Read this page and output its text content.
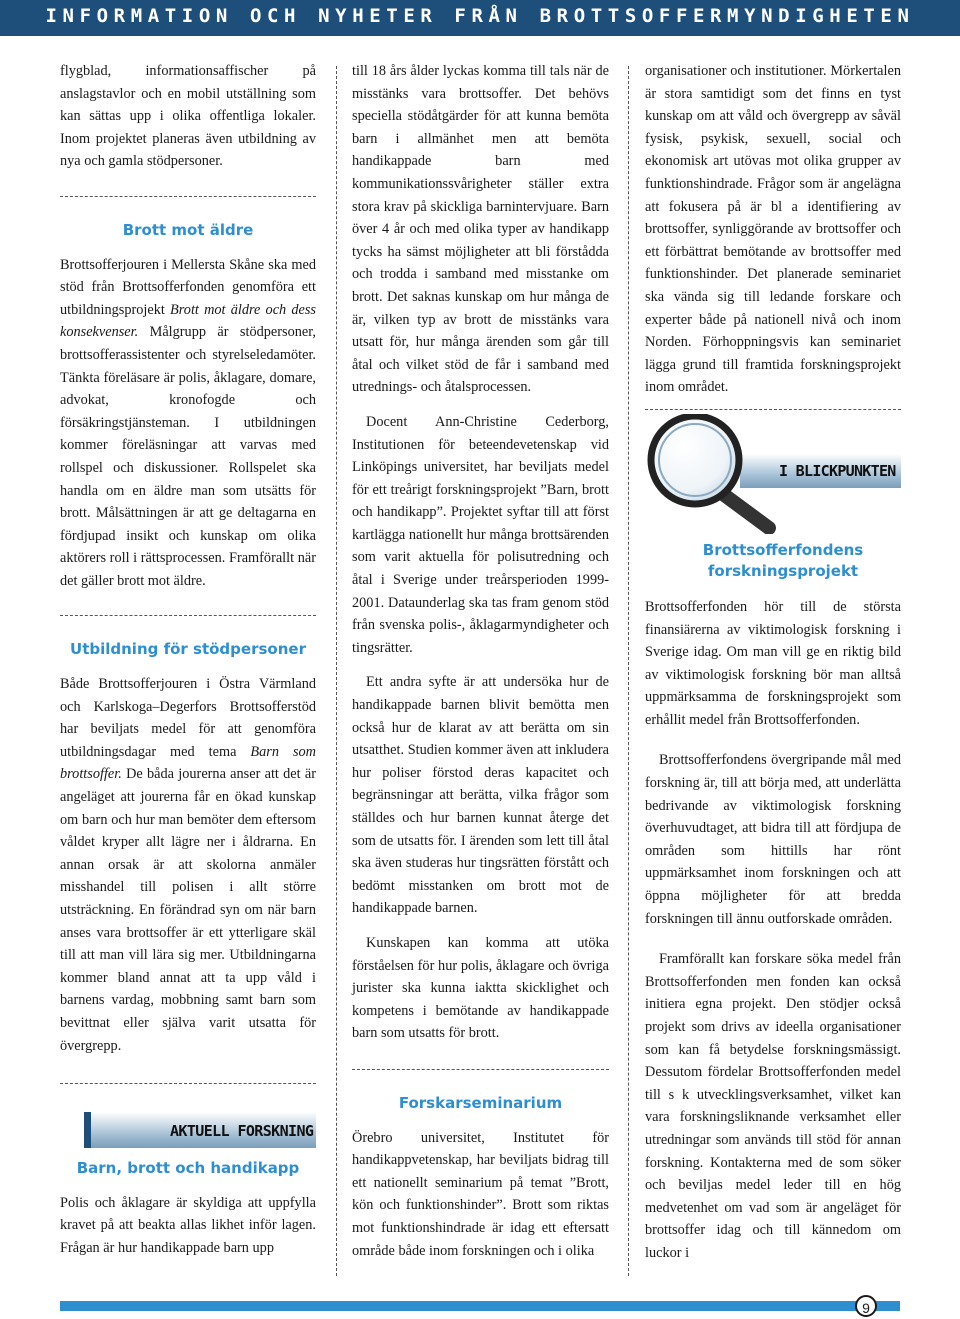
INFORMATION OCH NYHETER FRÅN BROTTSOFFERMYNDIGHETEN

flygblad, informationsaffischer på anslagstavlor och en mobil utställning som kan sättas upp i olika offentliga lokaler. Inom projektet planeras även utbildning av nya och gamla stödpersoner.

Brott mot äldre

Brottsofferjouren i Mellersta Skåne ska med stöd från Brottsofferfonden genomföra ett utbildningsprojekt Brott mot äldre och dess konsekvenser. Målgrupp är stödpersoner, brottsofferassistenter och styrelseledamöter. Tänkta föreläsare är polis, åklagare, domare, advokat, kronofogde och försäkringstjänsteman. I utbildningen kommer föreläsningar att varvas med rollspel och diskussioner. Rollspelet ska handla om en äldre man som utsätts för brott. Målsättningen är att ge deltagarna en fördjupad insikt och kunskap om olika aktörers roll i rättsprocessen. Framförallt när det gäller brott mot äldre.

Utbildning för stödpersoner

Både Brottsofferjouren i Östra Värmland och Karlskoga–Degerfors Brottsofferstöd har beviljats medel för att genomföra utbildningsdagar med tema Barn som brottsoffer. De båda jourerna anser att det är angeläget att jourerna får en ökad kunskap om barn och hur man bemöter dem eftersom våldet kryper allt lägre ner i åldrarna. En annan orsak är att skolorna anmäler misshandel till polisen i allt större utsträckning. En förändrad syn om när barn anses vara brottsoffer är ett ytterligare skäl till att man vill lära sig mer. Utbildningarna kommer bland annat att ta upp våld i barnens vardag, mobbning samt barn som bevittnat eller själva varit utsatta för övergrepp.

AKTUELL FORSKNING
Barn, brott och handikapp

Polis och åklagare är skyldiga att uppfylla kravet på att beakta allas likhet inför lagen. Frågan är hur handikappade barn upp

till 18 års ålder lyckas komma till tals när de misstänks vara brottsoffer. Det behövs speciella stödåtgärder för att kunna bemöta barn i allmänhet men att bemöta handikappade barn med kommunikationssvårigheter ställer extra stora krav på skickliga barnintervjuare. Barn över 4 år och med olika typer av handikapp tycks ha sämst möjligheter att bli förstådda och trodda i samband med misstanke om brott. Det saknas kunskap om hur många de är, vilken typ av brott de misstänks vara utsatt för, hur många ärenden som går till åtal och vilket stöd de får i samband med utrednings- och åtalsprocessen.

Docent Ann-Christine Cederborg, Institutionen för beteendevetenskap vid Linköpings universitet, har beviljats medel för ett treårigt forskningsprojekt ”Barn, brott och handikapp”. Projektet syftar till att först kartlägga nationellt hur många brottsärenden som varit aktuella för polisutredning och åtal i Sverige under treårsperioden 1999-2001. Dataunderlag ska tas fram genom stöd från svenska polis-, åklagarmyndigheter och tingsrätter.

Ett andra syfte är att undersöka hur de handikappade barnen blivit bemötta men också hur de klarat av att berätta om sin utsatthet. Studien kommer även att inkludera hur poliser förstod deras kapacitet och begränsningar att berätta, vilka frågor som ställdes och hur barnen kunnat återge det som de utsatts för. I ärenden som lett till åtal ska även studeras hur tingsrätten förstått och bedömt misstanken om brott mot de handikappade barnen.

Kunskapen kan komma att utöka förståelsen för hur polis, åklagare och övriga jurister ska kunna iaktta skicklighet och kompetens i bemötande av handikappade barn som utsatts för brott.

Forskarseminarium

Örebro universitet, Institutet för handikappvetenskap, har beviljats bidrag till ett nationellt seminarium på temat ”Brott, kön och funktionshinder”. Brott som riktas mot funktionshindrade är idag ett eftersatt område både inom forskningen och i olika

organisationer och institutioner. Mörkertalen är stora samtidigt som det finns en tyst kunskap om att våld och övergrepp av såväl fysisk, psykisk, sexuell, social och ekonomisk art utövas mot olika grupper av funktionshindrade. Frågor som är angelägna att fokusera på är bl a identifiering av brottsoffer, synliggörande av brottsoffer och ett förbättrat bemötande av brottsoffer med funktionshinder. Det planerade seminariet ska vända sig till ledande forskare och experter både på nationell nivå och inom Norden. Förhoppningsvis kan seminariet lägga grund till framtida forskningsprojekt inom området.

I BLICKPUNKTEN
Brottsofferfondens
forskningsprojekt

Brottsofferfonden hör till de största finansiärerna av viktimologisk forskning i Sverige idag. Om man vill ge en riktig bild av viktimologisk forskning bör man alltså uppmärksamma de forskningsprojekt som erhållit medel från Brottsofferfonden.

Brottsofferfondens övergripande mål med forskning är, till att börja med, att underlätta bedrivande av viktimologisk forskning överhuvudtaget, att bidra till att fördjupa de områden som hittills har rönt uppmärksamhet inom forskningen och att öppna möjligheter för att bredda forskningen till ännu outforskade områden.

Framförallt kan forskare söka medel från Brottsofferfonden men fonden kan också initiera egna projekt. Den stödjer också projekt som drivs av ideella organisationer som kan få betydelse forskningsmässigt. Dessutom fördelar Brottsofferfonden medel till s k utvecklingsverksamhet, vilket kan vara forskningsliknande verksamhet eller utredningar som används till stöd för annan forskning. Kontakterna med de som söker och beviljas medel leder till en hög medvetenhet om vad som är angeläget för brottsoffer idag och till kännedom om luckor i

9
